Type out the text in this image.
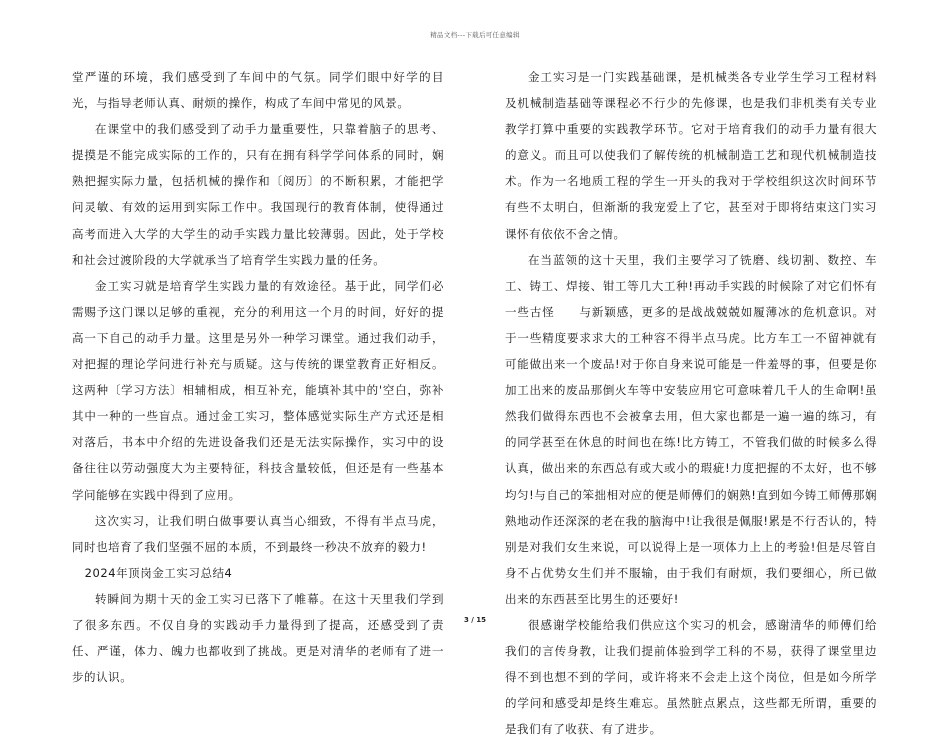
精品文档---下载后可任意编辑

堂严谨的环境，我们感受到了车间中的气氛。同学们眼中好学的目光，与指导老师认真、耐烦的操作，构成了车间中常见的风景。

在课堂中的我们感受到了动手力量重要性，只靠着脑子的思考、提摸是不能完成实际的工作的，只有在拥有科学学问体系的同时，娴熟把握实际力量，包括机械的操作和〔阅历〕的不断积累，才能把学问灵敏、有效的运用到实际工作中。我国现行的教育体制，使得通过高考而进入大学的大学生的动手实践力量比较薄弱。因此，处于学校和社会过渡阶段的大学就承当了培育学生实践力量的任务。

金工实习就是培育学生实践力量的有效途径。基于此，同学们必需赐予这门课以足够的重视，充分的利用这一个月的时间，好好的提高一下自己的动手力量。这里是另外一种学习课堂。通过我们动手，对把握的理论学问进行补充与质疑。这与传统的课堂教育正好相反。这两种〔学习方法〕相辅相成，相互补充，能填补其中的'空白，弥补其中一种的一些盲点。通过金工实习，整体感觉实际生产方式还是相对落后，书本中介绍的先进设备我们还是无法实际操作，实习中的设备往往以劳动强度大为主要特征，科技含量较低，但还是有一些基本学问能够在实践中得到了应用。

这次实习，让我们明白做事要认真当心细致，不得有半点马虎，同时也培育了我们坚强不屈的本质，不到最终一秒决不放弃的毅力!

2024年顶岗金工实习总结4

转瞬间为期十天的金工实习已落下了帷幕。在这十天里我们学到了很多东西。不仅自身的实践动手力量得到了提高，还感受到了责任、严谨，体力、魄力也都收到了挑战。更是对清华的老师有了进一步的认识。

金工实习是一门实践基础课，是机械类各专业学生学习工程材料及机械制造基础等课程必不行少的先修课，也是我们非机类有关专业教学打算中重要的实践教学环节。它对于培育我们的动手力量有很大的意义。而且可以使我们了解传统的机械制造工艺和现代机械制造技术。作为一名地质工程的学生一开头的我对于学校组织这次时间环节有些不太明白，但渐渐的我宠爱上了它，甚至对于即将结束这门实习课怀有依依不舍之情。

在当蓝领的这十天里，我们主要学习了铣磨、线切割、数控、车工、铸工、焊接、钳工等几大工种!再动手实践的时候除了对它们怀有一些古怪　　与新颖感，更多的是战战兢兢如履薄冰的危机意识。对于一些精度要求求大的工种容不得半点马虎。比方车工一不留神就有可能做出来一个废品!对于你自身来说可能是一件羞辱的事，但要是你加工出来的废品那倒火车等中安装应用它可意味着几千人的生命啊!虽然我们做得东西也不会被拿去用，但大家也都是一遍一遍的练习，有的同学甚至在休息的时间也在练!比方铸工，不管我们做的时候多么得认真，做出来的东西总有或大或小的瑕疵!力度把握的不太好，也不够均匀!与自己的笨拙相对应的便是师傅们的娴熟!直到如今铸工师傅那娴熟地动作还深深的老在我的脑海中!让我很是佩服!累是不行否认的，特别是对我们女生来说，可以说得上是一项体力上上的考验!但是尽管自身不占优势女生们并不服输，由于我们有耐烦，我们要细心，所已做出来的东西甚至比男生的还要好!

很感谢学校能给我们供应这个实习的机会，感谢清华的师傅们给我们的言传身教，让我们提前体验到学工科的不易，获得了课堂里边得不到也想不到的学问，或许将来不会走上这个岗位，但是如今所学的学问和感受却是终生难忘。虽然脏点累点，这些都无所谓，重要的是我们有了收获、有了进步。

3 / 15
